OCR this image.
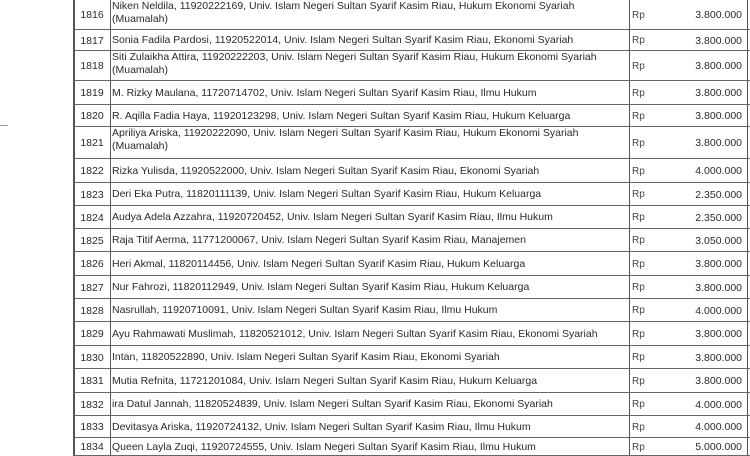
1816
Niken Neldila, 11920222169, Univ. Islam Negeri Sultan Syarif Kasim Riau, Hukum Ekonomi Syariah (Muamalah)	Rp	3.800.000
1817 Sonia Fadila Pardosi, 11920522014, Univ. Islam Negeri Sultan Syarif Kasim Riau, Ekonomi Syariah	Rp	3.800.000
1818
Siti Zulaikha Attira, 11920222203, Univ. Islam Negeri Sultan Syarif Kasim Riau, Hukum Ekonomi Syariah (Muamalah)	Rp	3.800.000
1819 M. Rizky Maulana, 11720714702, Univ. Islam Negeri Sultan Syarif Kasim Riau, Ilmu Hukum	Rp	3.800.000
1820 R. Aqilla Fadia Haya, 11920123298, Univ. Islam Negeri Sultan Syarif Kasim Riau, Hukum Keluarga	Rp	3.800.000
1821
Apriliya Ariska, 11920222090, Univ. Islam Negeri Sultan Syarif Kasim Riau, Hukum Ekonomi Syariah (Muamalah)	Rp	3.800.000
1822 Rizka Yulisda, 11920522000, Univ. Islam Negeri Sultan Syarif Kasim Riau, Ekonomi Syariah	Rp	4.000.000
1823 Deri Eka Putra, 11820111139, Univ. Islam Negeri Sultan Syarif Kasim Riau, Hukum Keluarga	Rp	2.350.000
1824 Audya Adela Azzahra, 11920720452, Univ. Islam Negeri Sultan Syarif Kasim Riau, Ilmu Hukum	Rp	2.350.000
1825 Raja Titif Aerma, 11771200067, Univ. Islam Negeri Sultan Syarif Kasim Riau, Manajemen	Rp	3.050.000
1826 Heri Akmal, 11820114456, Univ. Islam Negeri Sultan Syarif Kasim Riau, Hukum Keluarga	Rp	3.800.000
1827 Nur Fahrozi, 11820112949, Univ. Islam Negeri Sultan Syarif Kasim Riau, Hukum Keluarga	Rp	3.800.000
1828 Nasrullah, 11920710091, Univ. Islam Negeri Sultan Syarif Kasim Riau, Ilmu Hukum	Rp	4.000.000
1829 Ayu Rahmawati Muslimah, 11820521012, Univ. Islam Negeri Sultan Syarif Kasim Riau, Ekonomi Syariah	Rp	3.800.000
1830 Intan, 11820522890, Univ. Islam Negeri Sultan Syarif Kasim Riau, Ekonomi Syariah	Rp	3.800.000
1831 Mutia Refnita, 11721201084, Univ. Islam Negeri Sultan Syarif Kasim Riau, Hukum Keluarga	Rp	3.800.000
1832 ira Datul Jannah, 11820524839, Univ. Islam Negeri Sultan Syarif Kasim Riau, Ekonomi Syariah	Rp	4.000.000
1833 Devitasya Ariska, 11920724132, Univ. Islam Negeri Sultan Syarif Kasim Riau, Ilmu Hukum	Rp	4.000.000
1834 Queen Layla Zuqi, 11920724555, Univ. Islam Negeri Sultan Syarif Kasim Riau, Ilmu Hukum	Rp	5.000.000
